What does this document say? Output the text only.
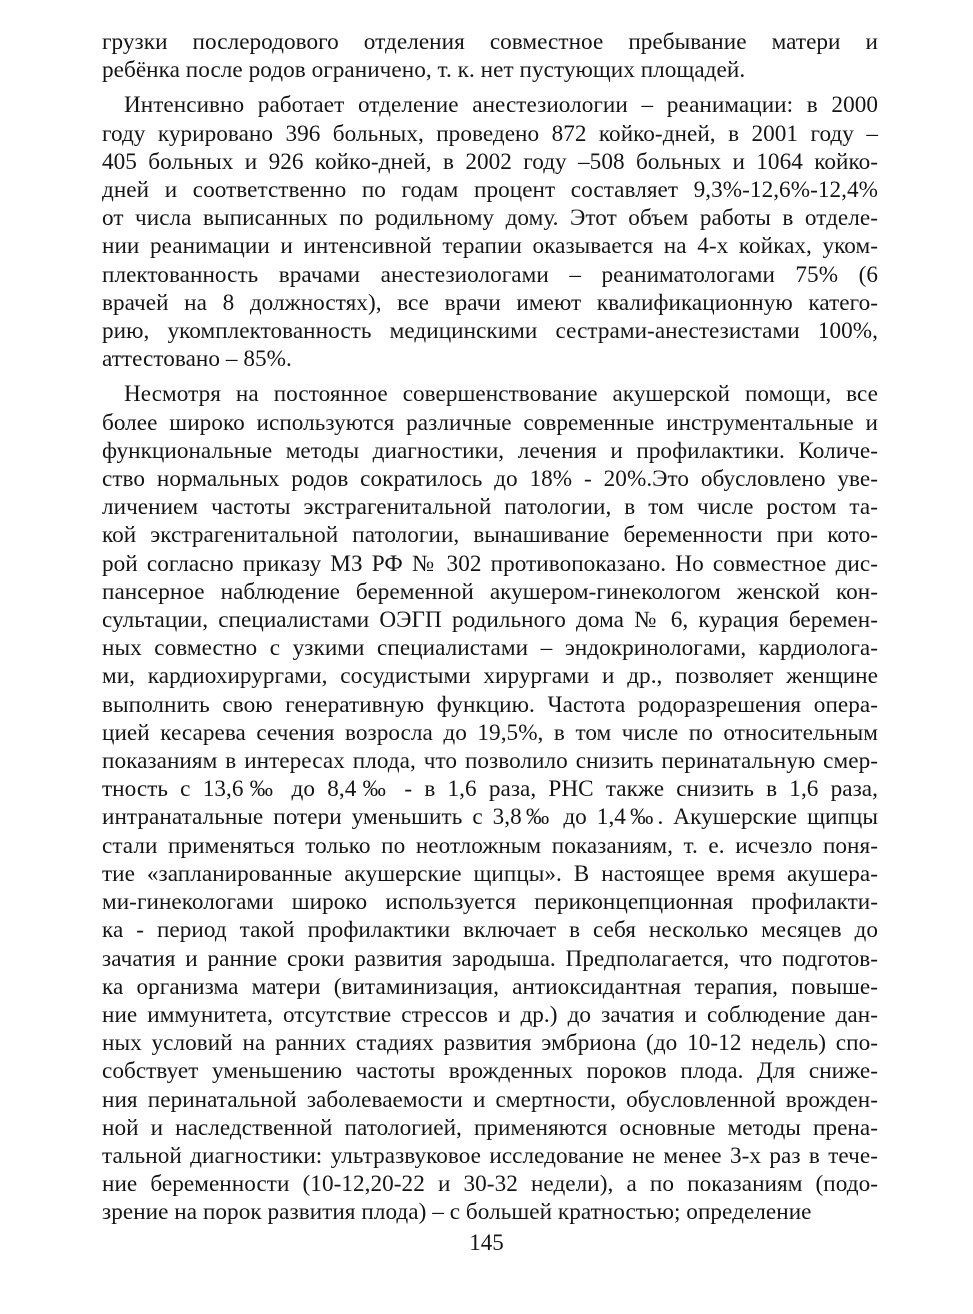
грузки послеродового отделения совместное пребывание матери и
ребёнка после родов ограничено, т. к. нет пустующих площадей.
Интенсивно работает отделение анестезиологии – реанимации: в 2000
году курировано 396 больных, проведено 872 койко-дней, в 2001 году –
405 больных и 926 койко-дней, в 2002 году –508 больных и 1064 койко-
дней и соответственно по годам процент составляет 9,3%-12,6%-12,4%
от числа выписанных по родильному дому. Этот объем работы в отделе-
нии реанимации и интенсивной терапии оказывается на 4-х койках, уком-
плектованность врачами анестезиологами – реаниматологами 75% (6
врачей на 8 должностях), все врачи имеют квалификационную катего-
рию, укомплектованность медицинскими сестрами-анестезистами 100%,
аттестовано – 85%.
Несмотря на постоянное совершенствование акушерской помощи, все
более широко используются различные современные инструментальные и
функциональные методы диагностики, лечения и профилактики. Количе-
ство нормальных родов сократилось до 18% - 20%.Это обусловлено уве-
личением частоты экстрагенитальной патологии, в том числе ростом та-
кой экстрагенитальной патологии, вынашивание беременности при кото-
рой согласно приказу МЗ РФ № 302 противопоказано. Но совместное дис-
пансерное наблюдение беременной акушером-гинекологом женской кон-
сультации, специалистами ОЭГП родильного дома № 6, курация беремен-
ных совместно с узкими специалистами – эндокринологами, кардиолога-
ми, кардиохирургами, сосудистыми хирургами и др., позволяет женщине
выполнить свою генеративную функцию. Частота родоразрешения опера-
цией кесарева сечения возросла до 19,5%, в том числе по относительным
показаниям в интересах плода, что позволило снизить перинатальную смер-
тность с 13,6‰ до 8,4‰ - в 1,6 раза, РНС также снизить в 1,6 раза,
интранатальные потери уменьшить с 3,8‰ до 1,4‰. Акушерские щипцы
стали применяться только по неотложным показаниям, т. е. исчезло поня-
тие «запланированные акушерские щипцы». В настоящее время акушера-
ми-гинекологами широко используется периконцепционная профилакти-
ка - период такой профилактики включает в себя несколько месяцев до
зачатия и ранние сроки развития зародыша. Предполагается, что подготов-
ка организма матери (витаминизация, антиоксидантная терапия, повыше-
ние иммунитета, отсутствие стрессов и др.) до зачатия и соблюдение дан-
ных условий на ранних стадиях развития эмбриона (до 10-12 недель) спо-
собствует уменьшению частоты врожденных пороков плода. Для сниже-
ния перинатальной заболеваемости и смертности, обусловленной врожден-
ной и наследственной патологией, применяются основные методы прена-
тальной диагностики: ультразвуковое исследование не менее 3-х раз в тече-
ние беременности (10-12,20-22 и 30-32 недели), а по показаниям (подо-
зрение на порок развития плода) – с большей кратностью; определение
145
